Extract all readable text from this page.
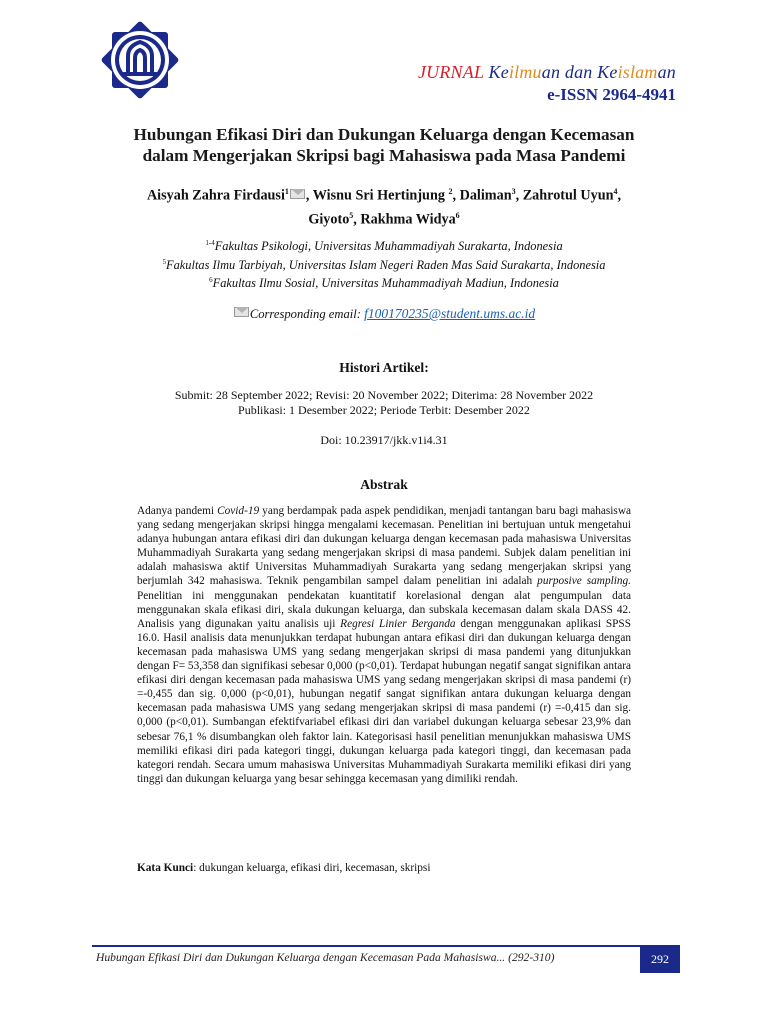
JURNAL Keilmuan dan Keislaman
e-ISSN 2964-4941
Hubungan Efikasi Diri dan Dukungan Keluarga dengan Kecemasan
dalam Mengerjakan Skripsi bagi Mahasiswa pada Masa Pandemi
Aisyah Zahra Firdausi$^1$ , Wisnu Sri Hertinjung $^2$, Daliman$^3$, Zahrotul Uyun$^4$,
Giyoto$^5$, Rakhma Widya$^6$
$^{1-4}$Fakultas Psikologi, Universitas Muhammadiyah Surakarta, Indonesia
$^5$Fakultas Ilmu Tarbiyah, Universitas Islam Negeri Raden Mas Said Surakarta, Indonesia
$^6$Fakultas Ilmu Sosial, Universitas Muhammadiyah Madiun, Indonesia
Corresponding email: f100170235@student.ums.ac.id
Histori Artikel:
Submit: 28 September 2022; Revisi: 20 November 2022; Diterima: 28 November 2022
Publikasi: 1 Desember 2022; Periode Terbit: Desember 2022
Doi: 10.23917/jkk.v1i4.31
Abstrak
Adanya pandemi Covid-19 yang berdampak pada aspek pendidikan, menjadi tantangan baru bagi mahasiswa yang sedang mengerjakan skripsi hingga mengalami kecemasan. Penelitian ini bertujuan untuk mengetahui adanya hubungan antara efikasi diri dan dukungan keluarga dengan kecemasan pada mahasiswa Universitas Muhammadiyah Surakarta yang sedang mengerjakan skripsi di masa pandemi. Subjek dalam penelitian ini adalah mahasiswa aktif Universitas Muhammadiyah Surakarta yang sedang mengerjakan skripsi yang berjumlah 342 mahasiswa. Teknik pengambilan sampel dalam penelitian ini adalah purposive sampling. Penelitian ini menggunakan pendekatan kuantitatif korelasional dengan alat pengumpulan data menggunakan skala efikasi diri, skala dukungan keluarga, dan subskala kecemasan dalam skala DASS 42. Analisis yang digunakan yaitu analisis uji Regresi Linier Berganda dengan menggunakan aplikasi SPSS 16.0. Hasil analisis data menunjukkan terdapat hubungan antara efikasi diri dan dukungan keluarga dengan kecemasan pada mahasiswa UMS yang sedang mengerjakan skripsi di masa pandemi yang ditunjukkan dengan F= 53,358 dan signifikasi sebesar 0,000 (p<0,01). Terdapat hubungan negatif sangat signifikan antara efikasi diri dengan kecemasan pada mahasiswa UMS yang sedang mengerjakan skripsi di masa pandemi (r) =-0,455 dan sig. 0,000 (p<0,01), hubungan negatif sangat signifikan antara dukungan keluarga dengan kecemasan pada mahasiswa UMS yang sedang mengerjakan skripsi di masa pandemi (r) =-0,415 dan sig. 0,000 (p<0,01). Sumbangan efektifvariabel efikasi diri dan variabel dukungan keluarga sebesar 23,9% dan sebesar 76,1 % disumbangkan oleh faktor lain. Kategorisasi hasil penelitian menunjukkan mahasiswa UMS memiliki efikasi diri pada kategori tinggi, dukungan keluarga pada kategori tinggi, dan kecemasan pada kategori rendah. Secara umum mahasiswa Universitas Muhammadiyah Surakarta memiliki efikasi diri yang tinggi dan dukungan keluarga yang besar sehingga kecemasan yang dimiliki rendah.
Kata Kunci: dukungan keluarga, efikasi diri, kecemasan, skripsi
Hubungan Efikasi Diri dan Dukungan Keluarga dengan Kecemasan Pada Mahasiswa... (292-310)	292
